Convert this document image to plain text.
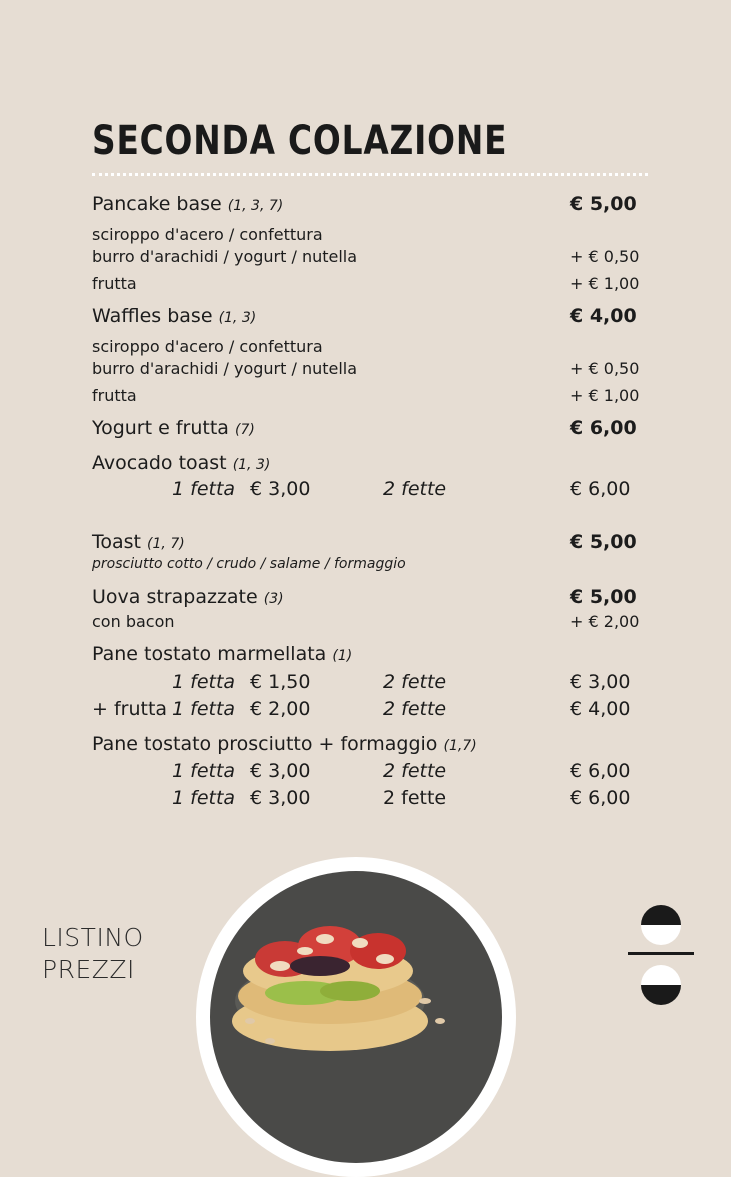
SECONDA COLAZIONE
Pancake base (1, 3, 7)	€ 5,00
sciroppo d'acero / confettura
burro d'arachidi / yogurt / nutella	+ € 0,50
frutta	+ € 1,00
Waffles base (1, 3)	€ 4,00
sciroppo d'acero / confettura
burro d'arachidi / yogurt / nutella	+ € 0,50
frutta	+ € 1,00
Yogurt e frutta (7)	€ 6,00
Avocado toast (1, 3)
1 fetta € 3,00	2 fette	€ 6,00
Toast (1, 7)	€ 5,00
prosciutto cotto / crudo / salame / formaggio
Uova strapazzate (3)	€ 5,00
con bacon	+ € 2,00
Pane tostato marmellata (1)
1 fetta € 1,50	2 fette	€ 3,00
+ frutta 1 fetta € 2,00	2 fette	€ 4,00
Pane tostato prosciutto + formaggio (1,7)
1 fetta € 3,00	2 fette	€ 6,00
1 fetta € 3,00	2 fette	€ 6,00
LISTINO
PREZZI
